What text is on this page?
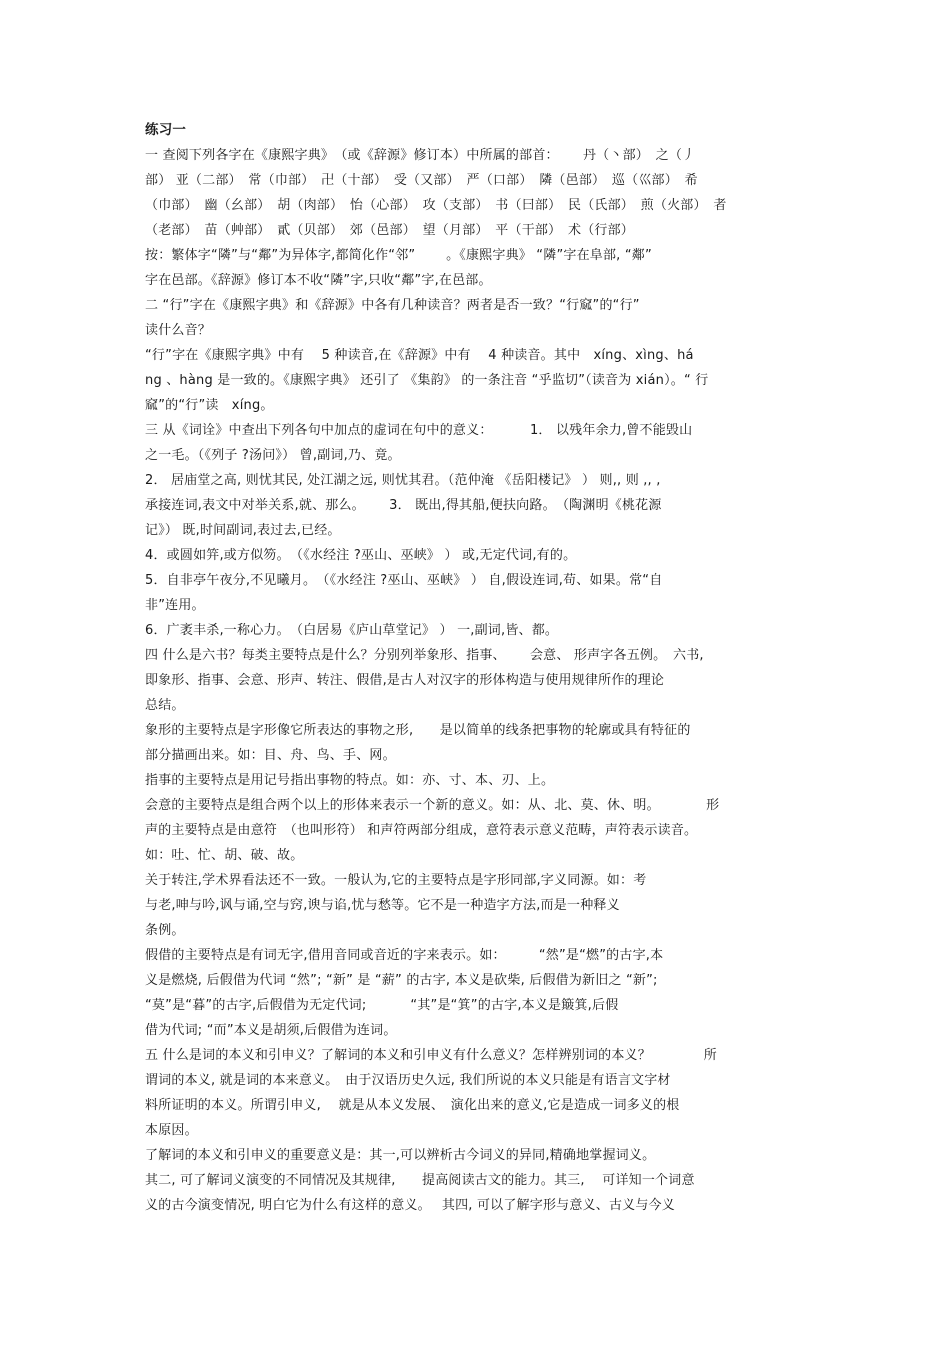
练习一
一 查阅下列各字在《康熙字典》　（或《辞源》修订本）中所属的部首：　　 丹（丶部）　之（丿
部） 亚（二部）　常（巾部）　卍（十部）　受（又部）　严（口部）　隣（邑部）　巡（巛部）　希
（巾部）　幽（幺部）　胡（肉部）　怡（心部）　攻（支部）　书（曰部）　民（氏部）　煎（火部）　者
（老部）　苗（艸部）　貳（贝部）　郊（邑部）　望（月部）　平（干部）　术（行部）
按：繁体字“隣”与“鄰”为异体字,都简化作“邻”　　 。《康熙字典》 “隣”字在阜部, “鄰”
字在邑部。《辞源》修订本不收“隣”字,只收“鄰”字,在邑部。
二 “行”字在《康熙字典》和《辞源》中各有几种读音？两者是否一致？“行窳”的“行”
读什么音？
“行”字在《康熙字典》中有　 5 种读音,在《辞源》中有　 4 种读音。其中　xíng、xìng、há
ng 、hàng 是一致的。《康熙字典》 还引了 《集韵》 的一条注音 “乎监切”（读音为 xián）。“ 行
窳”的“行”读　xíng。
三 从《词诠》中查出下列各句中加点的虚词在句中的意义：　　　 1． 以残年余力,曾不能毁山
之一毛。（《列子 ?汤问》） 曾,副词,乃、竟。
2． 居庙堂之高, 则忧其民, 处江湖之远, 则忧其君。（范仲淹 《岳阳楼记》 ） 则,, 则 ,, ,
承接连词,表文中对举关系,就、那么。　　 3． 既出,得其船,便扶向路。　（陶渊明《桃花源
记》） 既,时间副词,表过去,已经。
4．或圆如笄,或方似笏。　（《水经注 ?巫山、巫峡》 ） 或,无定代词,有的。
5．自非亭午夜分,不见曦月。　（《水经注 ?巫山、巫峡》 ） 自,假设连词,苟、如果。常“自
非”连用。
6．广袤丰杀,一称心力。　（白居易《庐山草堂记》 ） 一,副词,皆、都。
四 什么是六书？每类主要特点是什么？分别列举象形、指事、　　 会意、 形声字各五例。　六书,
即象形、指事、会意、形声、转注、假借,是古人对汉字的形体构造与使用规律所作的理论
总结。
象形的主要特点是字形像它所表达的事物之形,　　是以简单的线条把事物的轮廓或具有特征的
部分描画出来。如：目、舟、鸟、手、网。
指事的主要特点是用记号指出事物的特点。如：亦、寸、本、刃、上。
会意的主要特点是组合两个以上的形体来表示一个新的意义。如：从、北、莫、休、明。　　　　形
声的主要特点是由意符　（也叫形符） 和声符两部分组成，意符表示意义范畴，声符表示读音。
如：吐、忙、胡、破、故。
关于转注,学术界看法还不一致。一般认为,它的主要特点是字形同部,字义同源。如：考
与老,呻与吟,讽与诵,空与窍,谀与谄,忧与愁等。它不是一种造字方法,而是一种释义
条例。
假借的主要特点是有词无字,借用音同或音近的字来表示。如：　　　“然”是“燃”的古字,本
义是燃烧, 后假借为代词 “然”; “新” 是 “薪” 的古字, 本义是砍柴, 后假借为新旧之 “新”;
“莫”是“暮”的古字,后假借为无定代词;　　　 “其”是“箕”的古字,本义是簸箕,后假
借为代词; “而”本义是胡须,后假借为连词。
五 什么是词的本义和引申义？了解词的本义和引申义有什么意义？怎样辨别词的本义？　　　　所
谓词的本义, 就是词的本来意义。　由于汉语历史久远, 我们所说的本义只能是有语言文字材
料所证明的本义。所谓引申义,　 就是从本义发展、　演化出来的意义,它是造成一词多义的根
本原因。
了解词的本义和引申义的重要意义是：其一,可以辨析古今词义的异同,精确地掌握词义。
其二, 可了解词义演变的不同情况及其规律,　　提高阅读古文的能力。其三,　 可详知一个词意
义的古今演变情况, 明白它为什么有这样的意义。　 其四, 可以了解字形与意义、古义与今义
